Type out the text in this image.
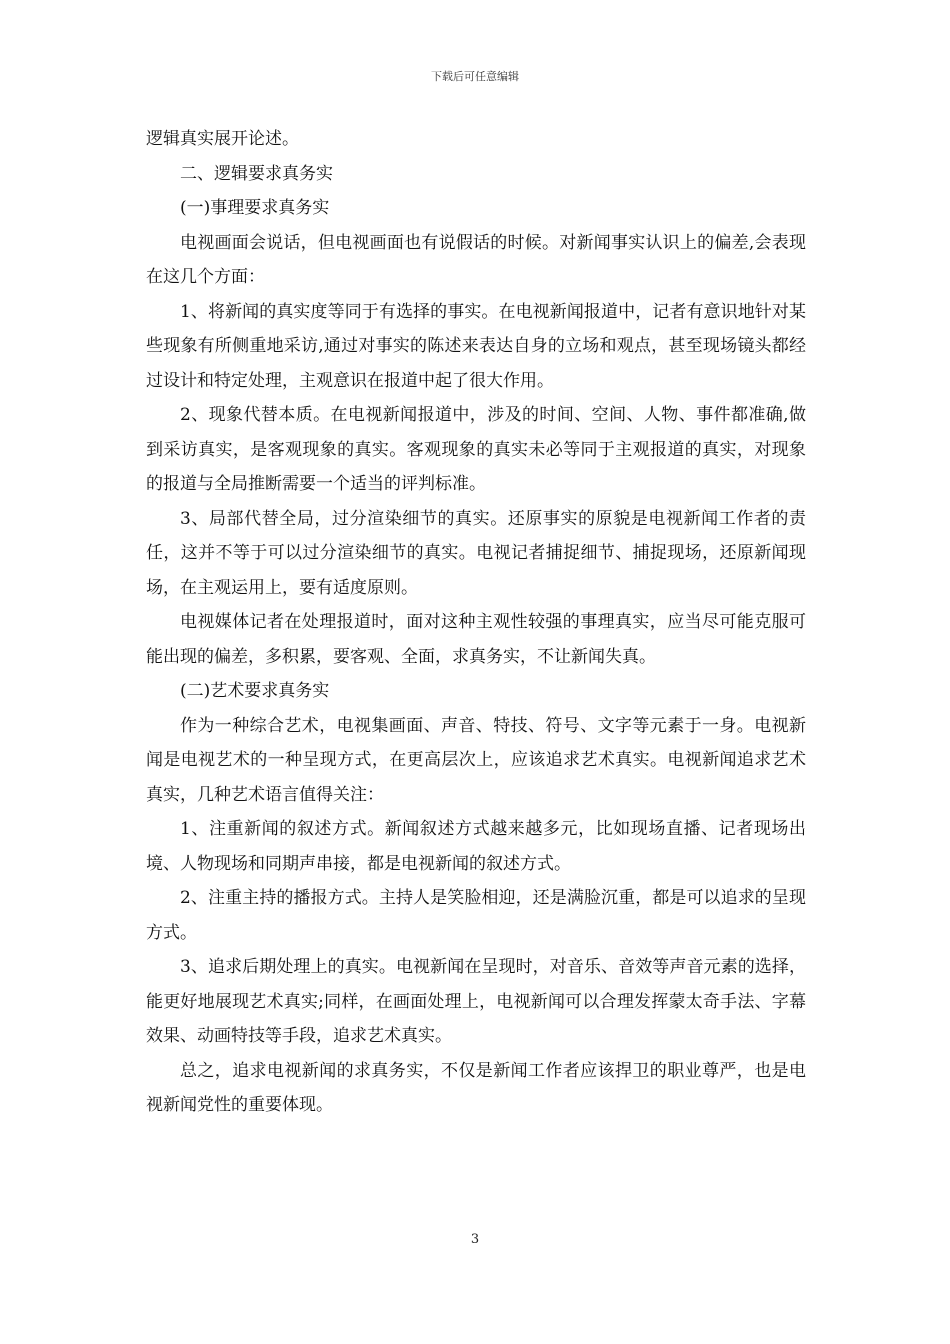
下载后可任意编辑

逻辑真实展开论述。

二、逻辑要求真务实

(一)事理要求真务实

电视画面会说话，但电视画面也有说假话的时候。对新闻事实认识上的偏差,会表现在这几个方面：

1、将新闻的真实度等同于有选择的事实。在电视新闻报道中，记者有意识地针对某些现象有所侧重地采访,通过对事实的陈述来表达自身的立场和观点，甚至现场镜头都经过设计和特定处理，主观意识在报道中起了很大作用。

2、现象代替本质。在电视新闻报道中，涉及的时间、空间、人物、事件都准确,做到采访真实，是客观现象的真实。客观现象的真实未必等同于主观报道的真实，对现象的报道与全局推断需要一个适当的评判标准。

3、局部代替全局，过分渲染细节的真实。还原事实的原貌是电视新闻工作者的责任，这并不等于可以过分渲染细节的真实。电视记者捕捉细节、捕捉现场，还原新闻现场，在主观运用上，要有适度原则。

电视媒体记者在处理报道时，面对这种主观性较强的事理真实，应当尽可能克服可能出现的偏差，多积累，要客观、全面，求真务实，不让新闻失真。

(二)艺术要求真务实

作为一种综合艺术，电视集画面、声音、特技、符号、文字等元素于一身。电视新闻是电视艺术的一种呈现方式，在更高层次上，应该追求艺术真实。电视新闻追求艺术真实，几种艺术语言值得关注：

1、注重新闻的叙述方式。新闻叙述方式越来越多元，比如现场直播、记者现场出境、人物现场和同期声串接，都是电视新闻的叙述方式。

2、注重主持的播报方式。主持人是笑脸相迎，还是满脸沉重，都是可以追求的呈现方式。

3、追求后期处理上的真实。电视新闻在呈现时，对音乐、音效等声音元素的选择，能更好地展现艺术真实;同样，在画面处理上，电视新闻可以合理发挥蒙太奇手法、字幕效果、动画特技等手段，追求艺术真实。

总之，追求电视新闻的求真务实，不仅是新闻工作者应该捍卫的职业尊严，也是电视新闻党性的重要体现。

3
